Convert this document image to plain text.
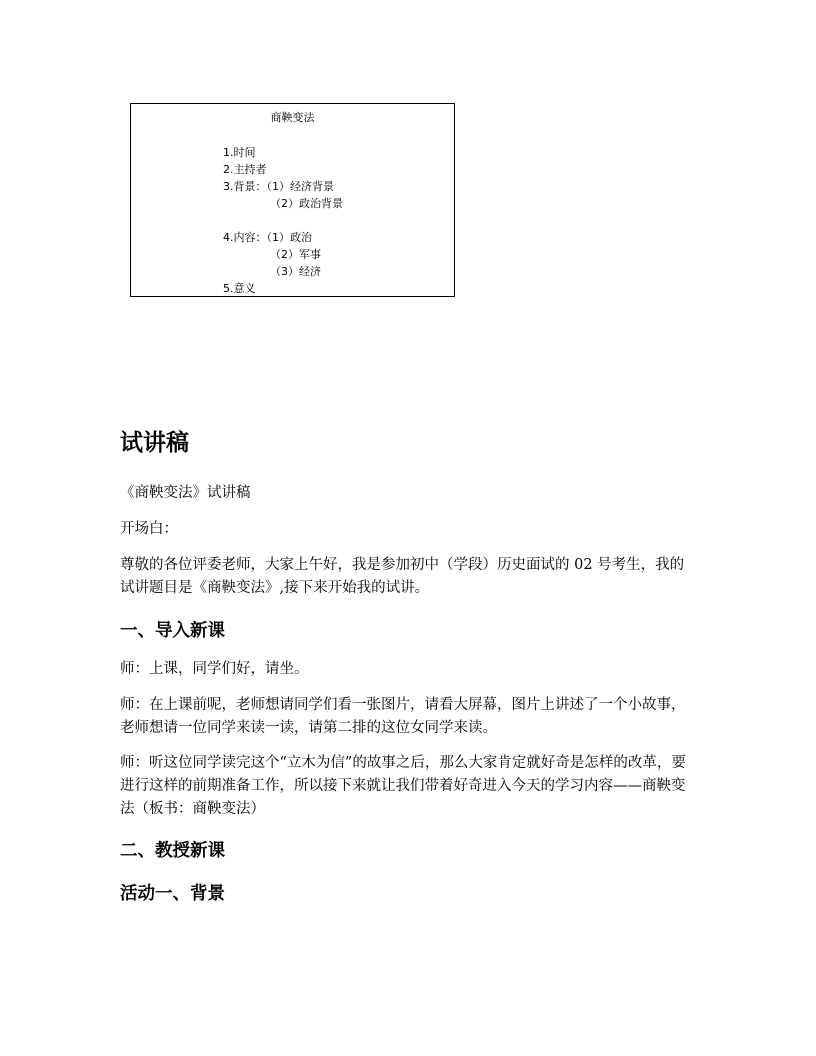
商鞅变法
1.时间
2.主持者
3.背景：（1）经济背景
（2）政治背景
4.内容：（1）政治
（2）军事
（3）经济
5.意义
试讲稿

《商鞅变法》试讲稿

开场白：

尊敬的各位评委老师，大家上午好，我是参加初中（学段）历史面试的 02 号考生，我的试讲题目是《商鞅变法》,接下来开始我的试讲。

一、导入新课

师：上课，同学们好，请坐。

师：在上课前呢，老师想请同学们看一张图片，请看大屏幕，图片上讲述了一个小故事，老师想请一位同学来读一读，请第二排的这位女同学来读。

师：听这位同学读完这个“立木为信”的故事之后，那么大家肯定就好奇是怎样的改革，要进行这样的前期准备工作，所以接下来就让我们带着好奇进入今天的学习内容——商鞅变法（板书：商鞅变法）

二、教授新课
活动一、背景
